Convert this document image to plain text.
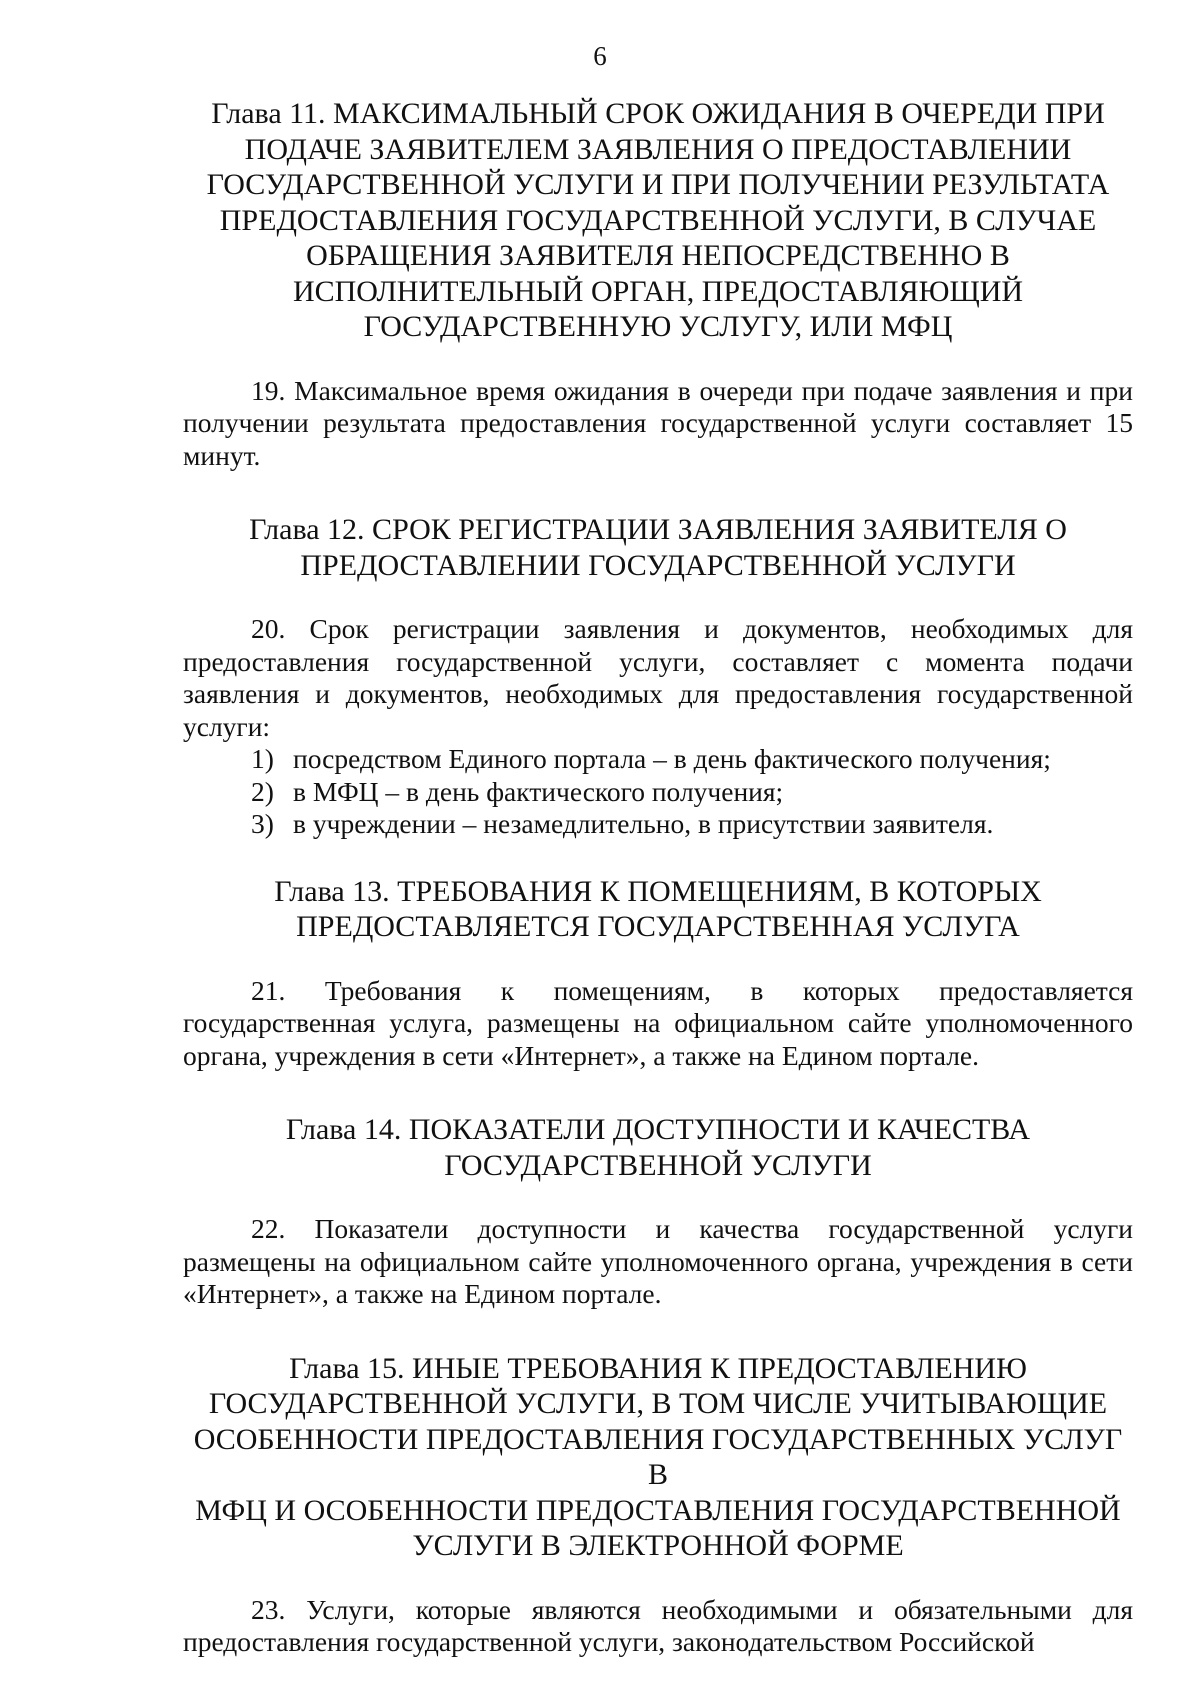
6
Глава 11. МАКСИМАЛЬНЫЙ СРОК ОЖИДАНИЯ В ОЧЕРЕДИ ПРИ
ПОДАЧЕ ЗАЯВИТЕЛЕМ ЗАЯВЛЕНИЯ О ПРЕДОСТАВЛЕНИИ
ГОСУДАРСТВЕННОЙ УСЛУГИ И ПРИ ПОЛУЧЕНИИ РЕЗУЛЬТАТА
ПРЕДОСТАВЛЕНИЯ ГОСУДАРСТВЕННОЙ УСЛУГИ, В СЛУЧАЕ
ОБРАЩЕНИЯ ЗАЯВИТЕЛЯ НЕПОСРЕДСТВЕННО В
ИСПОЛНИТЕЛЬНЫЙ ОРГАН, ПРЕДОСТАВЛЯЮЩИЙ
ГОСУДАРСТВЕННУЮ УСЛУГУ, ИЛИ МФЦ

19. Максимальное время ожидания в очереди при подаче заявления и при получении результата предоставления государственной услуги составляет 15 минут.

Глава 12. СРОК РЕГИСТРАЦИИ ЗАЯВЛЕНИЯ ЗАЯВИТЕЛЯ О
ПРЕДОСТАВЛЕНИИ ГОСУДАРСТВЕННОЙ УСЛУГИ

20. Срок регистрации заявления и документов, необходимых для предоставления государственной услуги, составляет с момента подачи заявления и документов, необходимых для предоставления государственной услуги:

1) посредством Единого портала – в день фактического получения;
2) в МФЦ – в день фактического получения;
3) в учреждении – незамедлительно, в присутствии заявителя.
Глава 13. ТРЕБОВАНИЯ К ПОМЕЩЕНИЯМ, В КОТОРЫХ
ПРЕДОСТАВЛЯЕТСЯ ГОСУДАРСТВЕННАЯ УСЛУГА

21. Требования к помещениям, в которых предоставляется государственная услуга, размещены на официальном сайте уполномоченного органа, учреждения в сети «Интернет», а также на Едином портале.

Глава 14. ПОКАЗАТЕЛИ ДОСТУПНОСТИ И КАЧЕСТВА
ГОСУДАРСТВЕННОЙ УСЛУГИ

22. Показатели доступности и качества государственной услуги размещены на официальном сайте уполномоченного органа, учреждения в сети «Интернет», а также на Едином портале.

Глава 15. ИНЫЕ ТРЕБОВАНИЯ К ПРЕДОСТАВЛЕНИЮ
ГОСУДАРСТВЕННОЙ УСЛУГИ, В ТОМ ЧИСЛЕ УЧИТЫВАЮЩИЕ
ОСОБЕННОСТИ ПРЕДОСТАВЛЕНИЯ ГОСУДАРСТВЕННЫХ УСЛУГ В
МФЦ И ОСОБЕННОСТИ ПРЕДОСТАВЛЕНИЯ ГОСУДАРСТВЕННОЙ
УСЛУГИ В ЭЛЕКТРОННОЙ ФОРМЕ

23. Услуги, которые являются необходимыми и обязательными для предоставления государственной услуги, законодательством Российской
